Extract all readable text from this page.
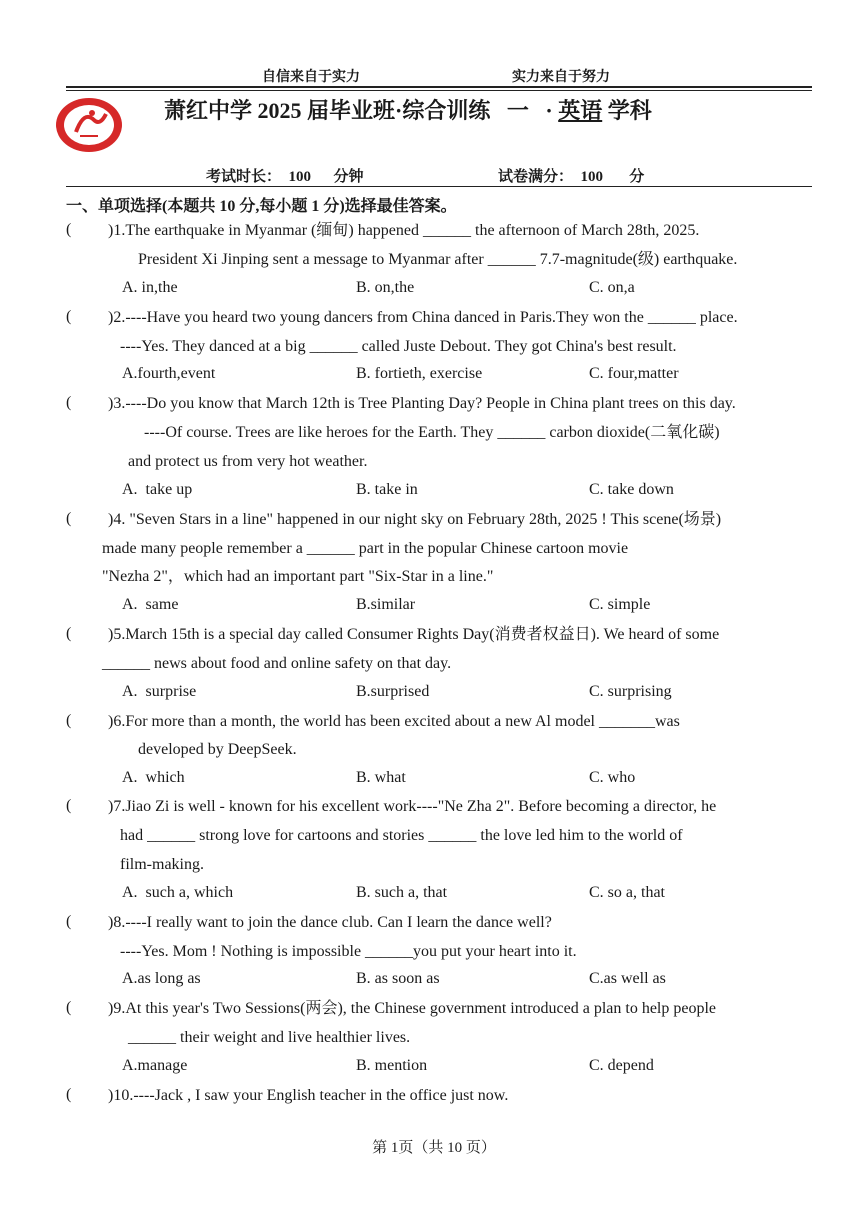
自信来自于实力	实力来自于努力
萧红中学 2025 届毕业班·综合训练   一   · 英语 学科
考试时长：  100      分钟	试卷满分：  100       分
一、单项选择(本题共 10 分,每小题 1 分)选择最佳答案。
( )1.The earthquake in Myanmar (缅甸) happened ______ the afternoon of March 28th, 2025.
President Xi Jinping sent a message to Myanmar after ______ 7.7-magnitude(级) earthquake.
A. in,the	B. on,the	C. on,a
( )2.----Have you heard two young dancers from China danced in Paris.They won the ______ place.
----Yes. They danced at a big ______ called Juste Debout. They got China's best result.
A.fourth,event	B. fortieth, exercise	C. four,matter
( )3.----Do you know that March 12th is Tree Planting Day? People in China plant trees on this day.
----Of course. Trees are like heroes for the Earth. They ______ carbon dioxide(二氧化碳)
and protect us from very hot weather.
A.  take up	B. take in	C. take down
( )4. "Seven Stars in a line" happened in our night sky on February 28th, 2025 ! This scene(场景)
made many people remember a ______ part in the popular Chinese cartoon movie
"Nezha 2"，which had an important part "Six-Star in a line."
A.  same	B.similar	C. simple
( )5.March 15th is a special day called Consumer Rights Day(消费者权益日). We heard of some
______ news about food and online safety on that day.
A.  surprise	B.surprised	C. surprising
( )6.For more than a month, the world has been excited about a new Al model _______was
developed by DeepSeek.
A.  which	B. what	C. who
( )7.Jiao Zi is well - known for his excellent work----"Ne Zha 2". Before becoming a director, he
had ______ strong love for cartoons and stories ______ the love led him to the world of
film-making.
A.  such a, which	B. such a, that	C. so a, that
( )8.----I really want to join the dance club. Can I learn the dance well?
----Yes. Mom ! Nothing is impossible ______you put your heart into it.
A.as long as	B. as soon as	C.as well as
( )9.At this year's Two Sessions(两会), the Chinese government introduced a plan to help people
______ their weight and live healthier lives.
A.manage	B. mention	C. depend
( )10.----Jack , I saw your English teacher in the office just now.
第 1页（共 10 页）
